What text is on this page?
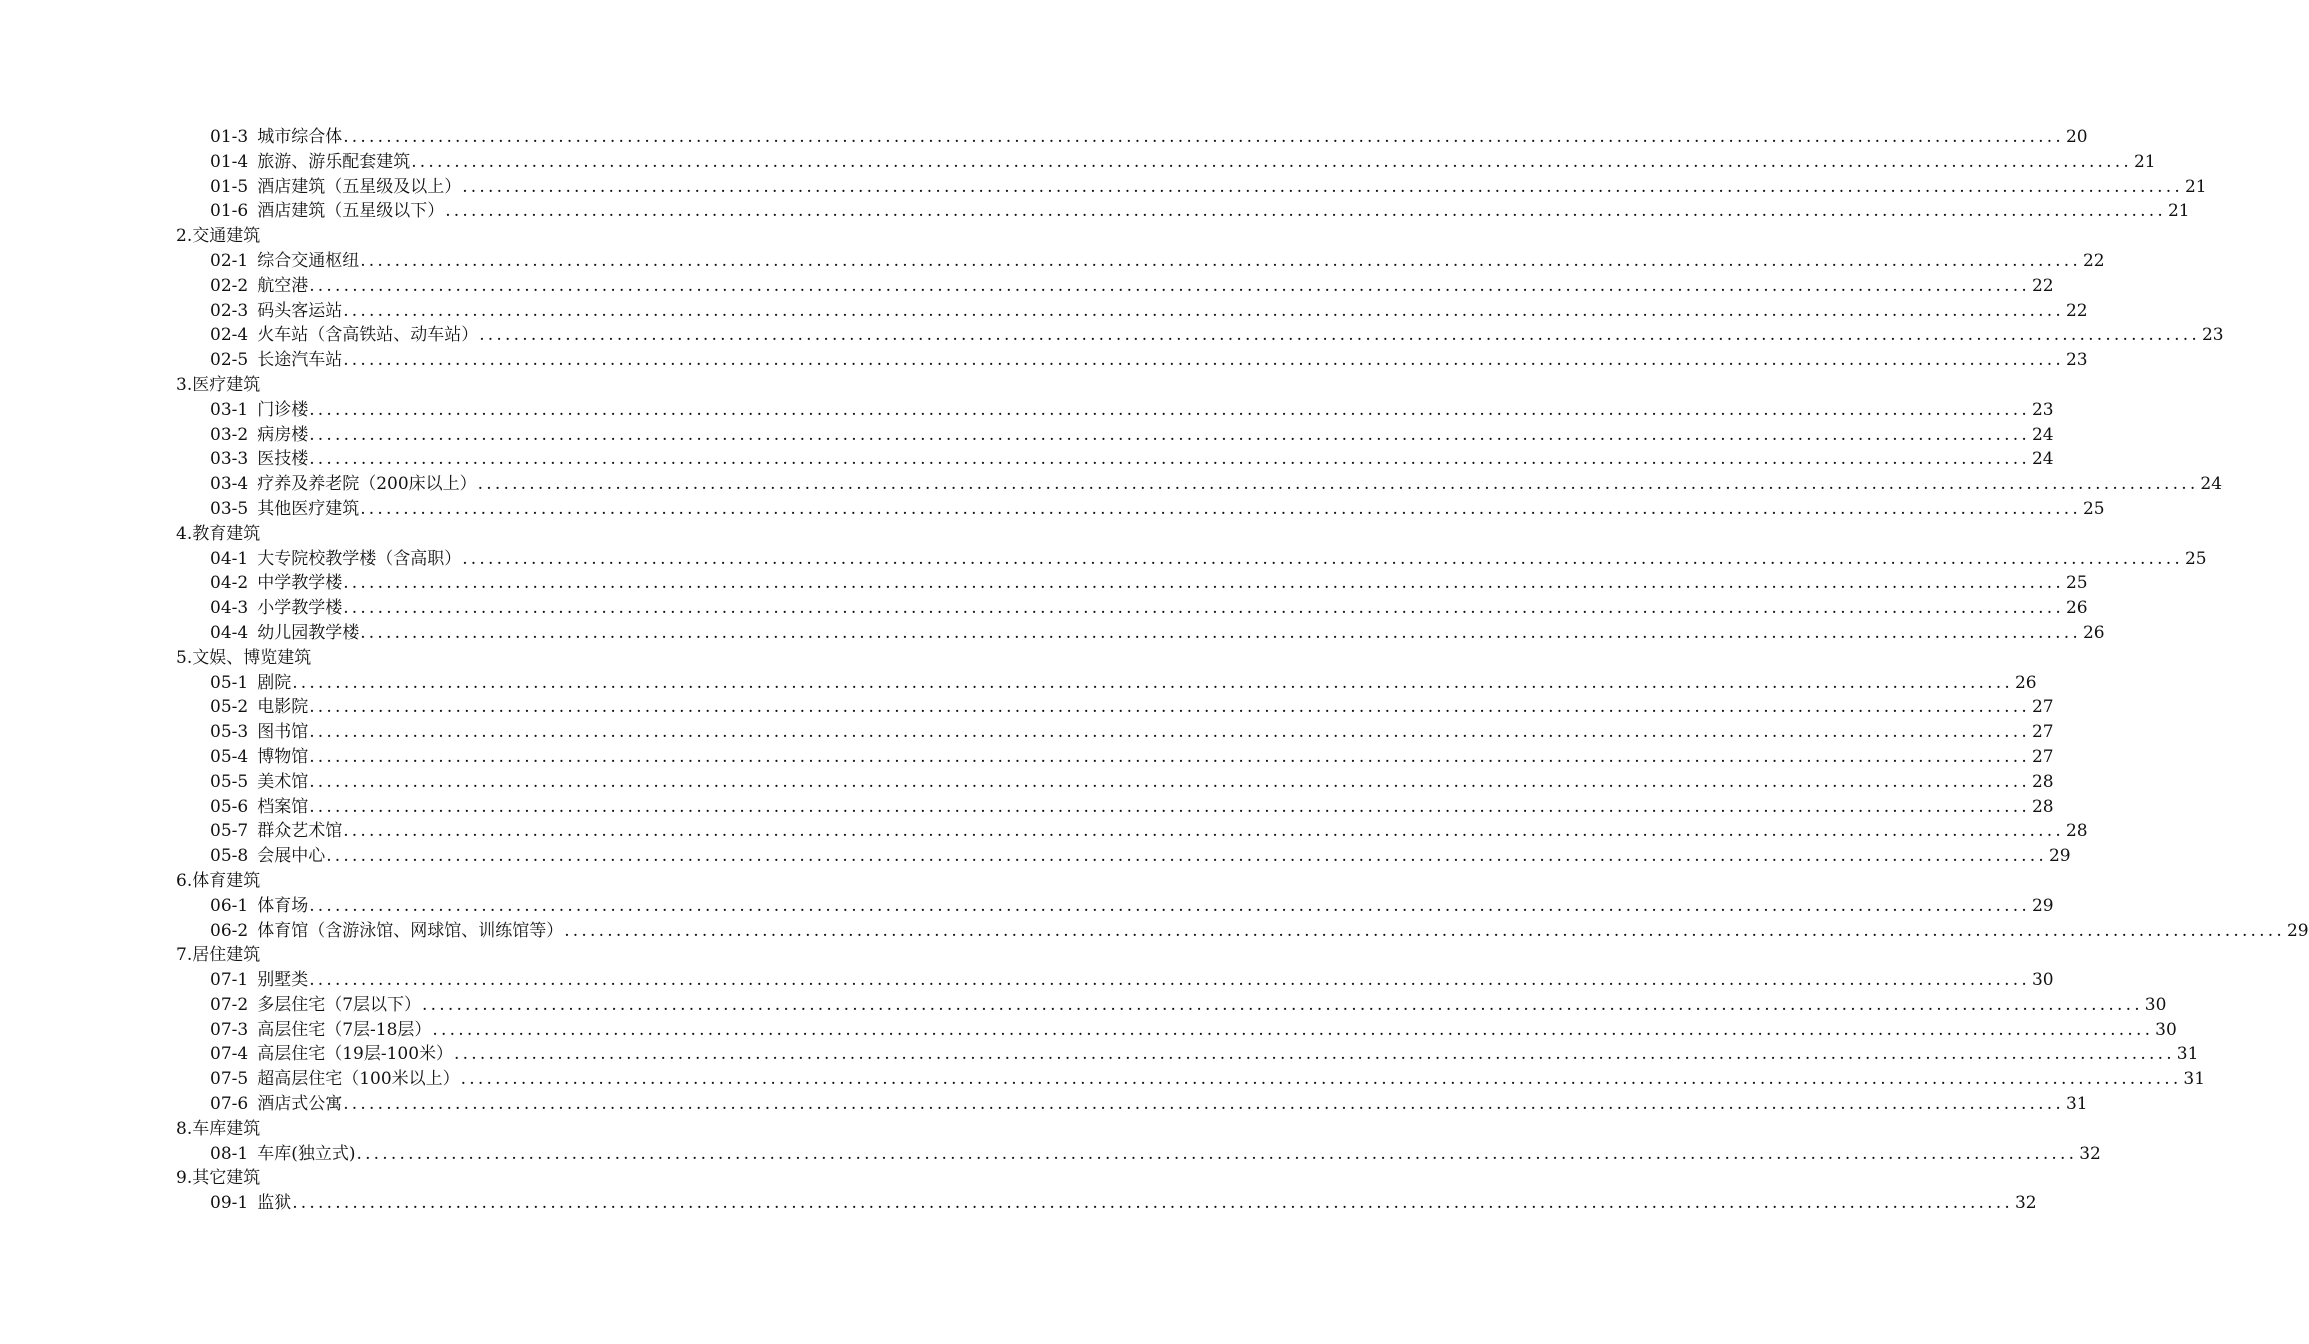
01-3 城市综合体 ........................................................................................................................................................................................................ 20
01-4 旅游、游乐配套建筑 ........................................................................................................................................................................................................ 21
01-5 酒店建筑（五星级及以上） ........................................................................................................................................................................................................ 21
01-6 酒店建筑（五星级以下） ........................................................................................................................................................................................................ 21
2.交通建筑
02-1 综合交通枢纽 ........................................................................................................................................................................................................ 22
02-2 航空港 ........................................................................................................................................................................................................ 22
02-3 码头客运站 ........................................................................................................................................................................................................ 22
02-4 火车站（含高铁站、动车站） ........................................................................................................................................................................................................ 23
02-5 长途汽车站 ........................................................................................................................................................................................................ 23
3.医疗建筑
03-1 门诊楼 ........................................................................................................................................................................................................ 23
03-2 病房楼 ........................................................................................................................................................................................................ 24
03-3 医技楼 ........................................................................................................................................................................................................ 24
03-4 疗养及养老院（200床以上） ........................................................................................................................................................................................................ 24
03-5 其他医疗建筑 ........................................................................................................................................................................................................ 25
4.教育建筑
04-1 大专院校教学楼（含高职） ........................................................................................................................................................................................................ 25
04-2 中学教学楼 ........................................................................................................................................................................................................ 25
04-3 小学教学楼 ........................................................................................................................................................................................................ 26
04-4 幼儿园教学楼 ........................................................................................................................................................................................................ 26
5.文娱、博览建筑
05-1 剧院 ........................................................................................................................................................................................................ 26
05-2 电影院 ........................................................................................................................................................................................................ 27
05-3 图书馆 ........................................................................................................................................................................................................ 27
05-4 博物馆 ........................................................................................................................................................................................................ 27
05-5 美术馆 ........................................................................................................................................................................................................ 28
05-6 档案馆 ........................................................................................................................................................................................................ 28
05-7 群众艺术馆 ........................................................................................................................................................................................................ 28
05-8 会展中心 ........................................................................................................................................................................................................ 29
6.体育建筑
06-1 体育场 ........................................................................................................................................................................................................ 29
06-2 体育馆（含游泳馆、网球馆、训练馆等） ........................................................................................................................................................................................................ 29
7.居住建筑
07-1 别墅类 ........................................................................................................................................................................................................ 30
07-2 多层住宅（7层以下） ........................................................................................................................................................................................................ 30
07-3 高层住宅（7层-18层） ........................................................................................................................................................................................................ 30
07-4 高层住宅（19层-100米） ........................................................................................................................................................................................................ 31
07-5 超高层住宅（100米以上） ........................................................................................................................................................................................................ 31
07-6 酒店式公寓 ........................................................................................................................................................................................................ 31
8.车库建筑
08-1 车库(独立式) ........................................................................................................................................................................................................ 32
9.其它建筑
09-1 监狱 ........................................................................................................................................................................................................ 32
